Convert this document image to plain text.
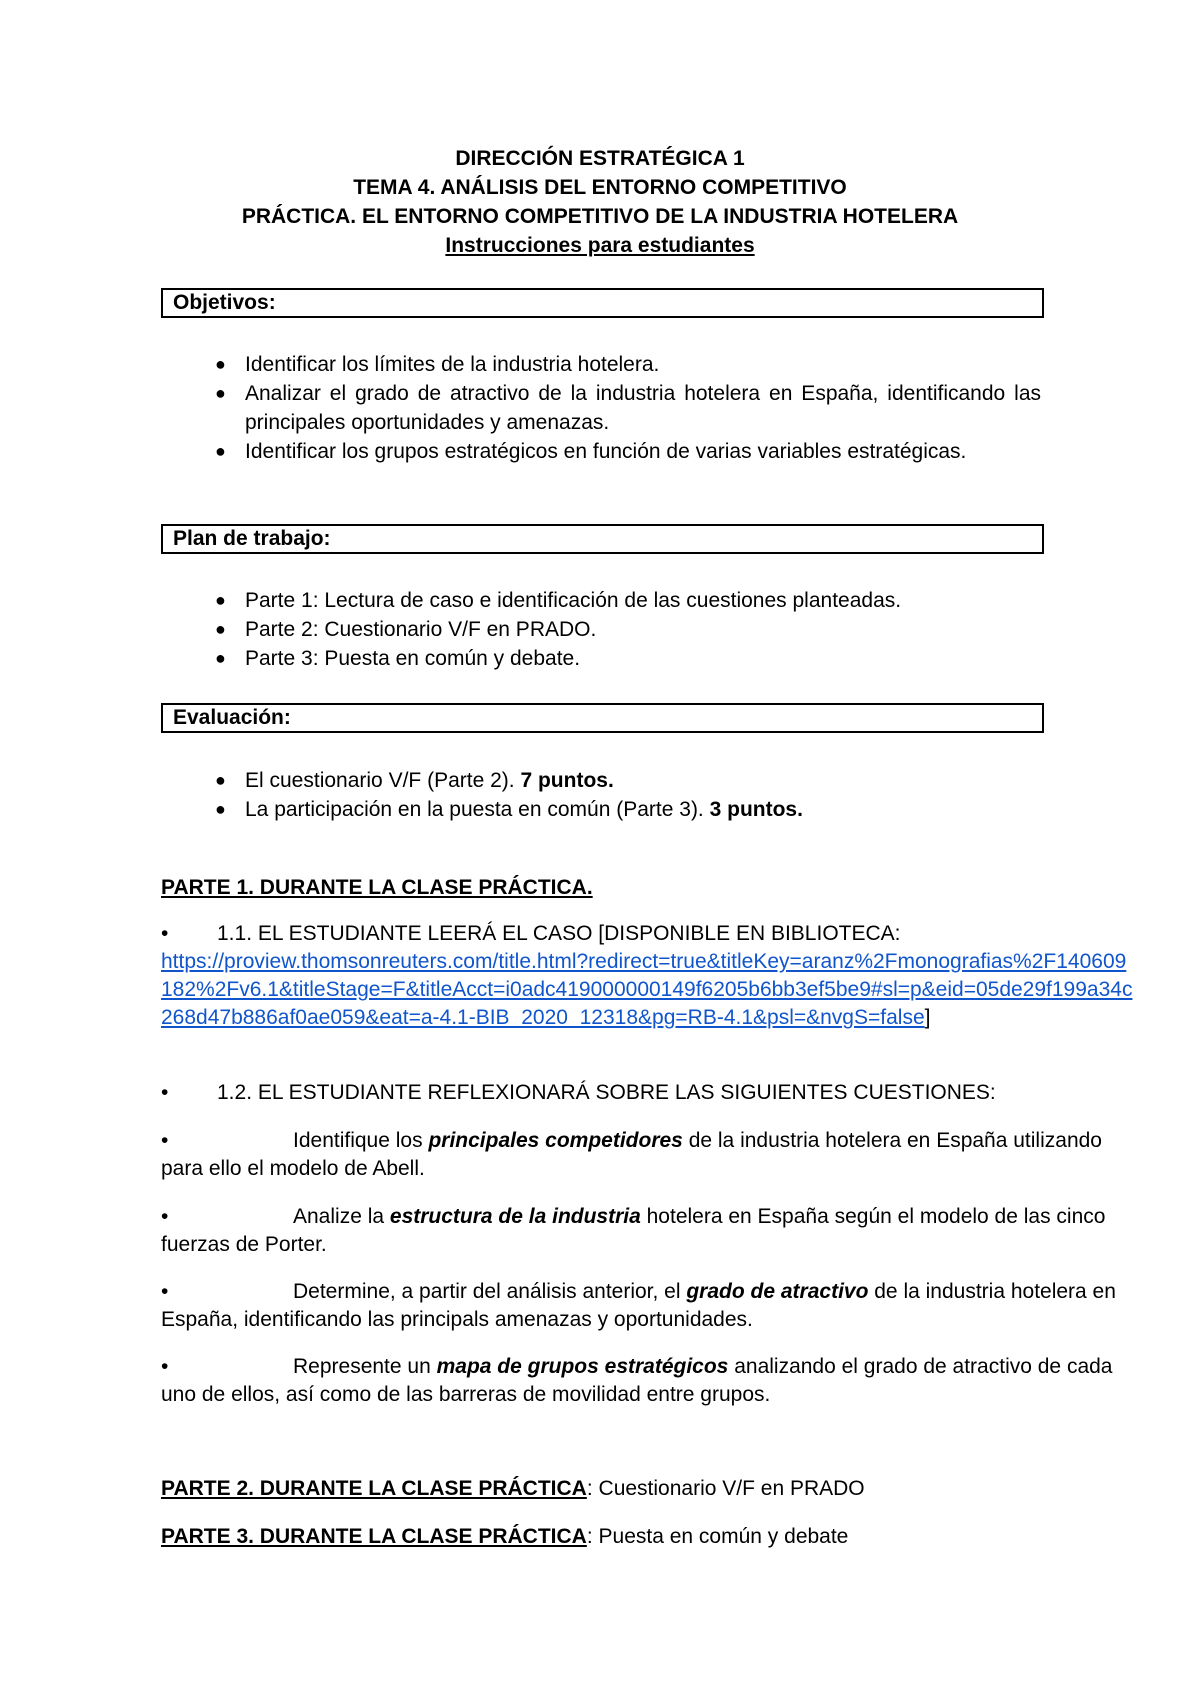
DIRECCIÓN ESTRATÉGICA 1
TEMA 4. ANÁLISIS DEL ENTORNO COMPETITIVO
PRÁCTICA. EL ENTORNO COMPETITIVO DE LA INDUSTRIA HOTELERA
Instrucciones para estudiantes
Objetivos:
● Identificar los límites de la industria hotelera.
● Analizar el grado de atractivo de la industria hotelera en España, identificando las principales oportunidades y amenazas.
● Identificar los grupos estratégicos en función de varias variables estratégicas.
Plan de trabajo:
● Parte 1: Lectura de caso e identificación de las cuestiones planteadas.
● Parte 2: Cuestionario V/F en PRADO.
● Parte 3: Puesta en común y debate.
Evaluación:
● El cuestionario V/F (Parte 2). 7 puntos.
● La participación en la puesta en común (Parte 3). 3 puntos.
PARTE 1. DURANTE LA CLASE PRÁCTICA.
• 1.1. EL ESTUDIANTE LEERÁ EL CASO [DISPONIBLE EN BIBLIOTECA:
https://proview.thomsonreuters.com/title.html?redirect=true&titleKey=aranz%2Fmonografias%2F140609182%2Fv6.1&titleStage=F&titleAcct=i0adc419000000149f6205b6bb3ef5be9#sl=p&eid=05de29f199a34c268d47b886af0ae059&eat=a-4.1-BIB_2020_12318&pg=RB-4.1&psl=&nvgS=false]
• 1.2. EL ESTUDIANTE REFLEXIONARÁ SOBRE LAS SIGUIENTES CUESTIONES:
•	Identifique los principales competidores de la industria hotelera en España utilizando para ello el modelo de Abell.
•	Analize la estructura de la industria hotelera en España según el modelo de las cinco fuerzas de Porter.
•	Determine, a partir del análisis anterior, el grado de atractivo de la industria hotelera en España, identificando las principals amenazas y oportunidades.
•	Represente un mapa de grupos estratégicos analizando el grado de atractivo de cada uno de ellos, así como de las barreras de movilidad entre grupos.
PARTE 2. DURANTE LA CLASE PRÁCTICA: Cuestionario V/F en PRADO
PARTE 3. DURANTE LA CLASE PRÁCTICA: Puesta en común y debate
